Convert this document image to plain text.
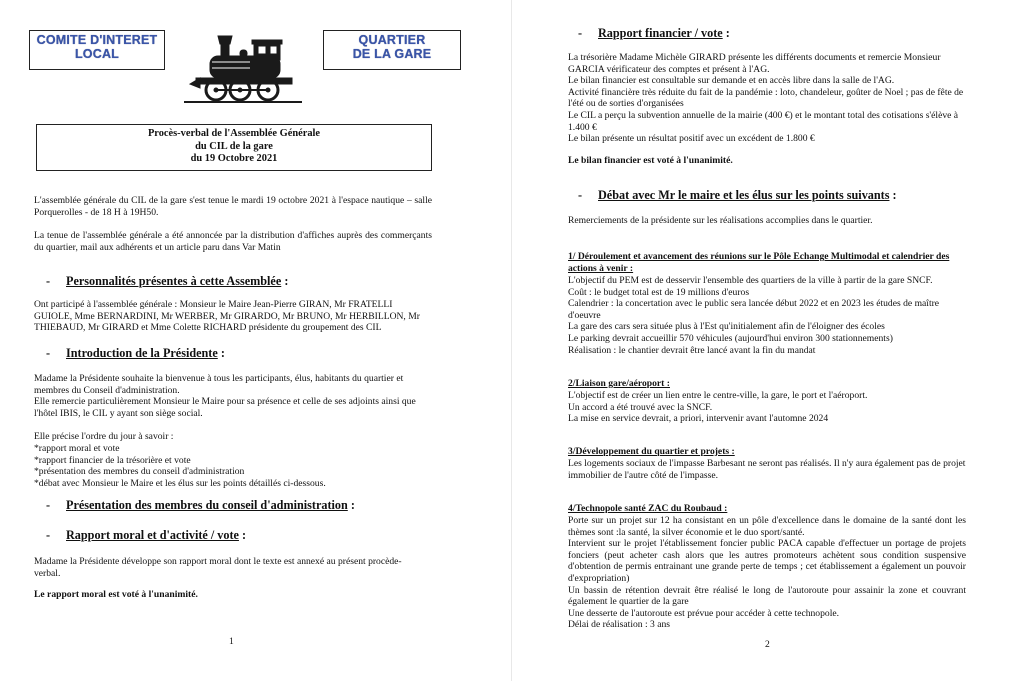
COMITE D'INTERET
LOCAL
QUARTIER
DE LA GARE
Procès-verbal de l'Assemblée Générale
du CIL de la gare
du 19 Octobre 2021
L'assemblée générale du CIL de la gare s'est tenue le mardi 19 octobre 2021 à l'espace nautique – salle Porquerolles - de 18 H à 19H50.
La tenue de l'assemblée générale a été annoncée par la distribution d'affiches auprès des commerçants du quartier, mail aux adhérents et un article paru dans Var Matin
- Personnalités présentes à cette Assemblée :
Ont participé à l'assemblée générale : Monsieur le Maire Jean-Pierre GIRAN, Mr FRATELLI GUIOLE, Mme BERNARDINI, Mr WERBER, Mr GIRARDO, Mr BRUNO, Mr HERBILLON, Mr THIEBAUD, Mr GIRARD et Mme Colette RICHARD présidente du groupement des CIL
- Introduction de la Présidente :
Madame la Présidente souhaite la bienvenue à tous les participants, élus, habitants du quartier et membres du Conseil d'administration.
Elle remercie particulièrement Monsieur le Maire pour sa présence et celle de ses adjoints ainsi que l'hôtel IBIS, le CIL y ayant son siège social.
Elle précise l'ordre du jour à savoir :
*rapport moral et vote
*rapport financier de la trésorière et vote
*présentation des membres du conseil d'administration
*débat avec Monsieur le Maire et les élus sur les points détaillés ci-dessous.
- Présentation des membres du conseil d'administration :
- Rapport moral et d'activité / vote :
Madame la Présidente développe son rapport moral dont le texte est annexé au présent procède-verbal.
Le rapport moral est voté à l'unanimité.
1
- Rapport financier / vote :
La trésorière Madame Michèle GIRARD présente les différents documents et remercie Monsieur GARCIA vérificateur des comptes et présent à l'AG.
Le bilan financier est consultable sur demande et en accès libre dans la salle de l'AG.
Activité financière très réduite du fait de la pandémie : loto, chandeleur, goûter de Noel ; pas de fête de l'été ou de sorties d'organisées
Le CIL a perçu la subvention annuelle de la mairie (400 €) et le montant total des cotisations s'élève à 1.400 €
Le bilan présente un résultat positif avec un excédent de 1.800 €
Le bilan financier est voté à l'unanimité.
- Débat avec Mr le maire et les élus sur les points suivants :
Remerciements de la présidente sur les réalisations accomplies dans le quartier.
1/ Déroulement et avancement des réunions sur le Pôle Echange Multimodal et calendrier des actions à venir :
L'objectif du PEM est de desservir l'ensemble des quartiers de la ville à partir de la gare SNCF.
Coût : le budget total est de 19 millions d'euros
Calendrier : la concertation avec le public sera lancée début 2022 et en 2023 les études de maître d'oeuvre
La gare des cars sera située plus à l'Est qu'initialement afin de l'éloigner des écoles
Le parking devrait accueillir 570 véhicules (aujourd'hui environ 300 stationnements)
Réalisation : le chantier devrait être lancé avant la fin du mandat
2/Liaison gare/aéroport :
L'objectif est de créer un lien entre le centre-ville, la gare, le port et l'aéroport.
Un accord a été trouvé avec la SNCF.
La mise en service devrait, a priori, intervenir avant l'automne 2024
3/Développement du quartier et projets :
Les logements sociaux de l'impasse Barbesant ne seront pas réalisés. Il n'y aura également pas de projet immobilier de l'autre côté de l'impasse.
4/Technopole santé ZAC du Roubaud :
Porte sur un projet sur 12 ha consistant en un pôle d'excellence dans le domaine de la santé dont les thèmes sont :la santé, la silver économie et le duo sport/santé.
Intervient sur le projet l'établissement foncier public PACA capable d'effectuer un portage de projets fonciers (peut acheter cash alors que les autres promoteurs achètent sous condition suspensive d'obtention de permis entrainant une grande perte de temps ; cet établissement a également un pouvoir d'expropriation)
Un bassin de rétention devrait être réalisé le long de l'autoroute pour assainir la zone et couvrant également le quartier de la gare
Une desserte de l'autoroute est prévue pour accéder à cette technopole.
Délai de réalisation : 3 ans
2
